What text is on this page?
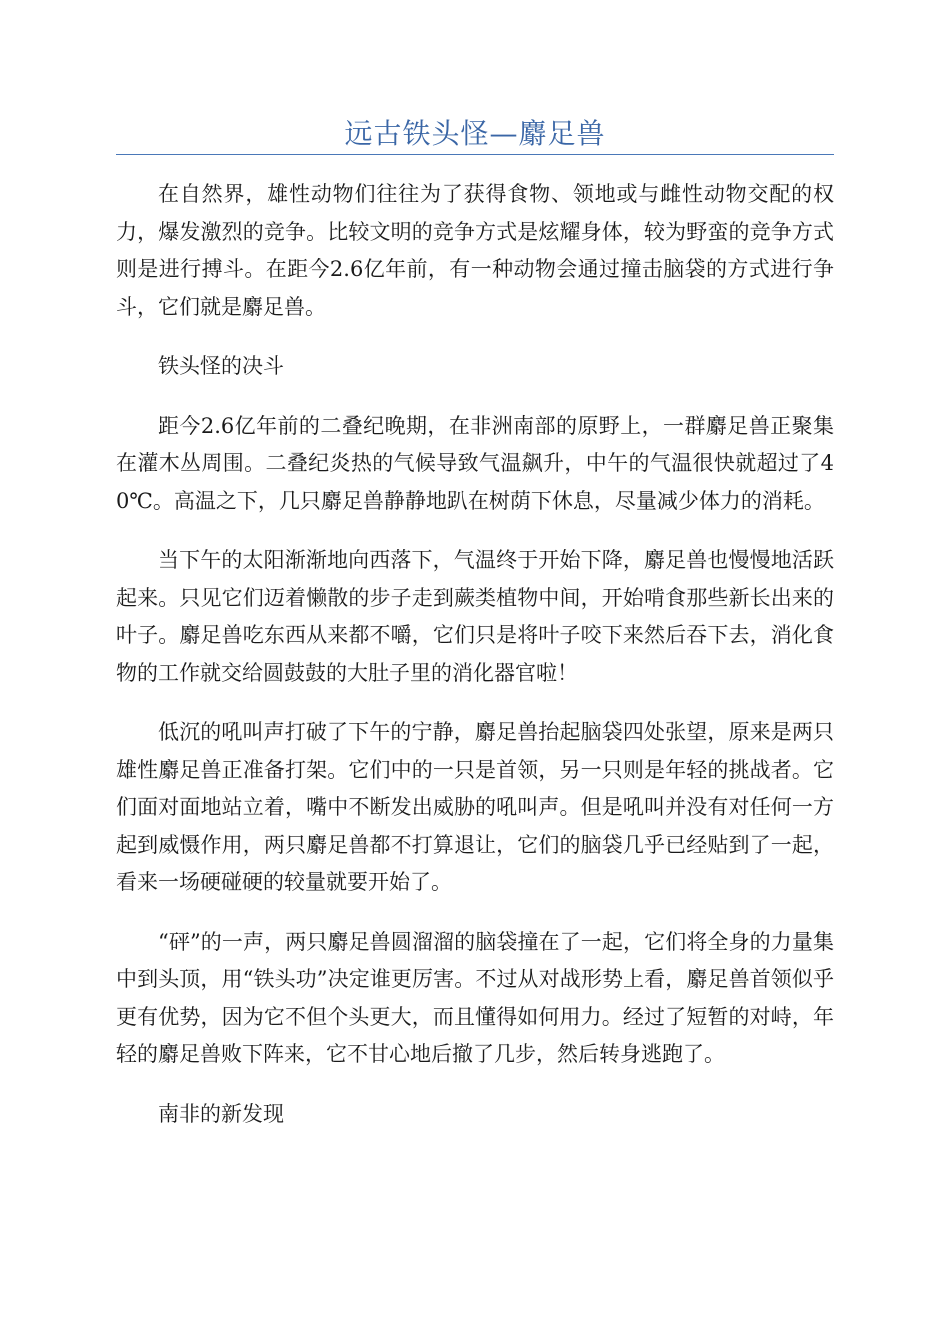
远古铁头怪—麝足兽

在自然界，雄性动物们往往为了获得食物、领地或与雌性动物交配的权力，爆发激烈的竞争。比较文明的竞争方式是炫耀身体，较为野蛮的竞争方式则是进行搏斗。在距今2.6亿年前，有一种动物会通过撞击脑袋的方式进行争斗，它们就是麝足兽。

铁头怪的决斗

距今2.6亿年前的二叠纪晚期，在非洲南部的原野上，一群麝足兽正聚集在灌木丛周围。二叠纪炎热的气候导致气温飙升，中午的气温很快就超过了40℃。高温之下，几只麝足兽静静地趴在树荫下休息，尽量减少体力的消耗。

当下午的太阳渐渐地向西落下，气温终于开始下降，麝足兽也慢慢地活跃起来。只见它们迈着懒散的步子走到蕨类植物中间，开始啃食那些新长出来的叶子。麝足兽吃东西从来都不嚼，它们只是将叶子咬下来然后吞下去，消化食物的工作就交给圆鼓鼓的大肚子里的消化器官啦！

低沉的吼叫声打破了下午的宁静，麝足兽抬起脑袋四处张望，原来是两只雄性麝足兽正准备打架。它们中的一只是首领，另一只则是年轻的挑战者。它们面对面地站立着，嘴中不断发出威胁的吼叫声。但是吼叫并没有对任何一方起到威慑作用，两只麝足兽都不打算退让，它们的脑袋几乎已经贴到了一起，看来一场硬碰硬的较量就要开始了。

“砰”的一声，两只麝足兽圆溜溜的脑袋撞在了一起，它们将全身的力量集中到头顶，用“铁头功”决定谁更厉害。不过从对战形势上看，麝足兽首领似乎更有优势，因为它不但个头更大，而且懂得如何用力。经过了短暂的对峙，年轻的麝足兽败下阵来，它不甘心地后撤了几步，然后转身逃跑了。

南非的新发现
